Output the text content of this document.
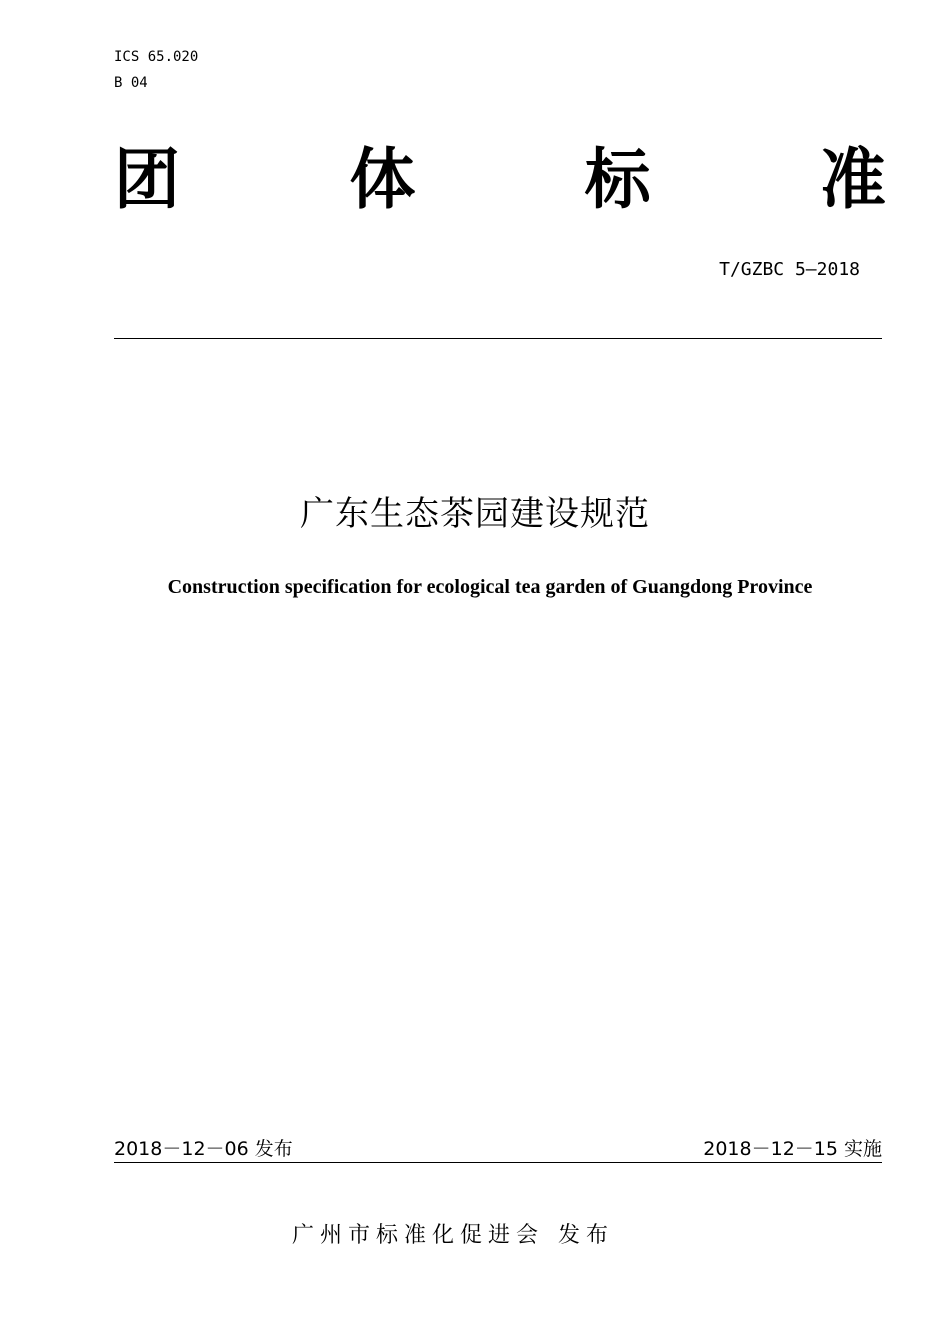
ICS 65.020
B 04
团	体	标	准
T/GZBC 5—2018
广东生态茶园建设规范
Construction specification for ecological tea garden of Guangdong Province
2018－12－06 发布	2018－12－15 实施
广州市标准化促进会 发布
